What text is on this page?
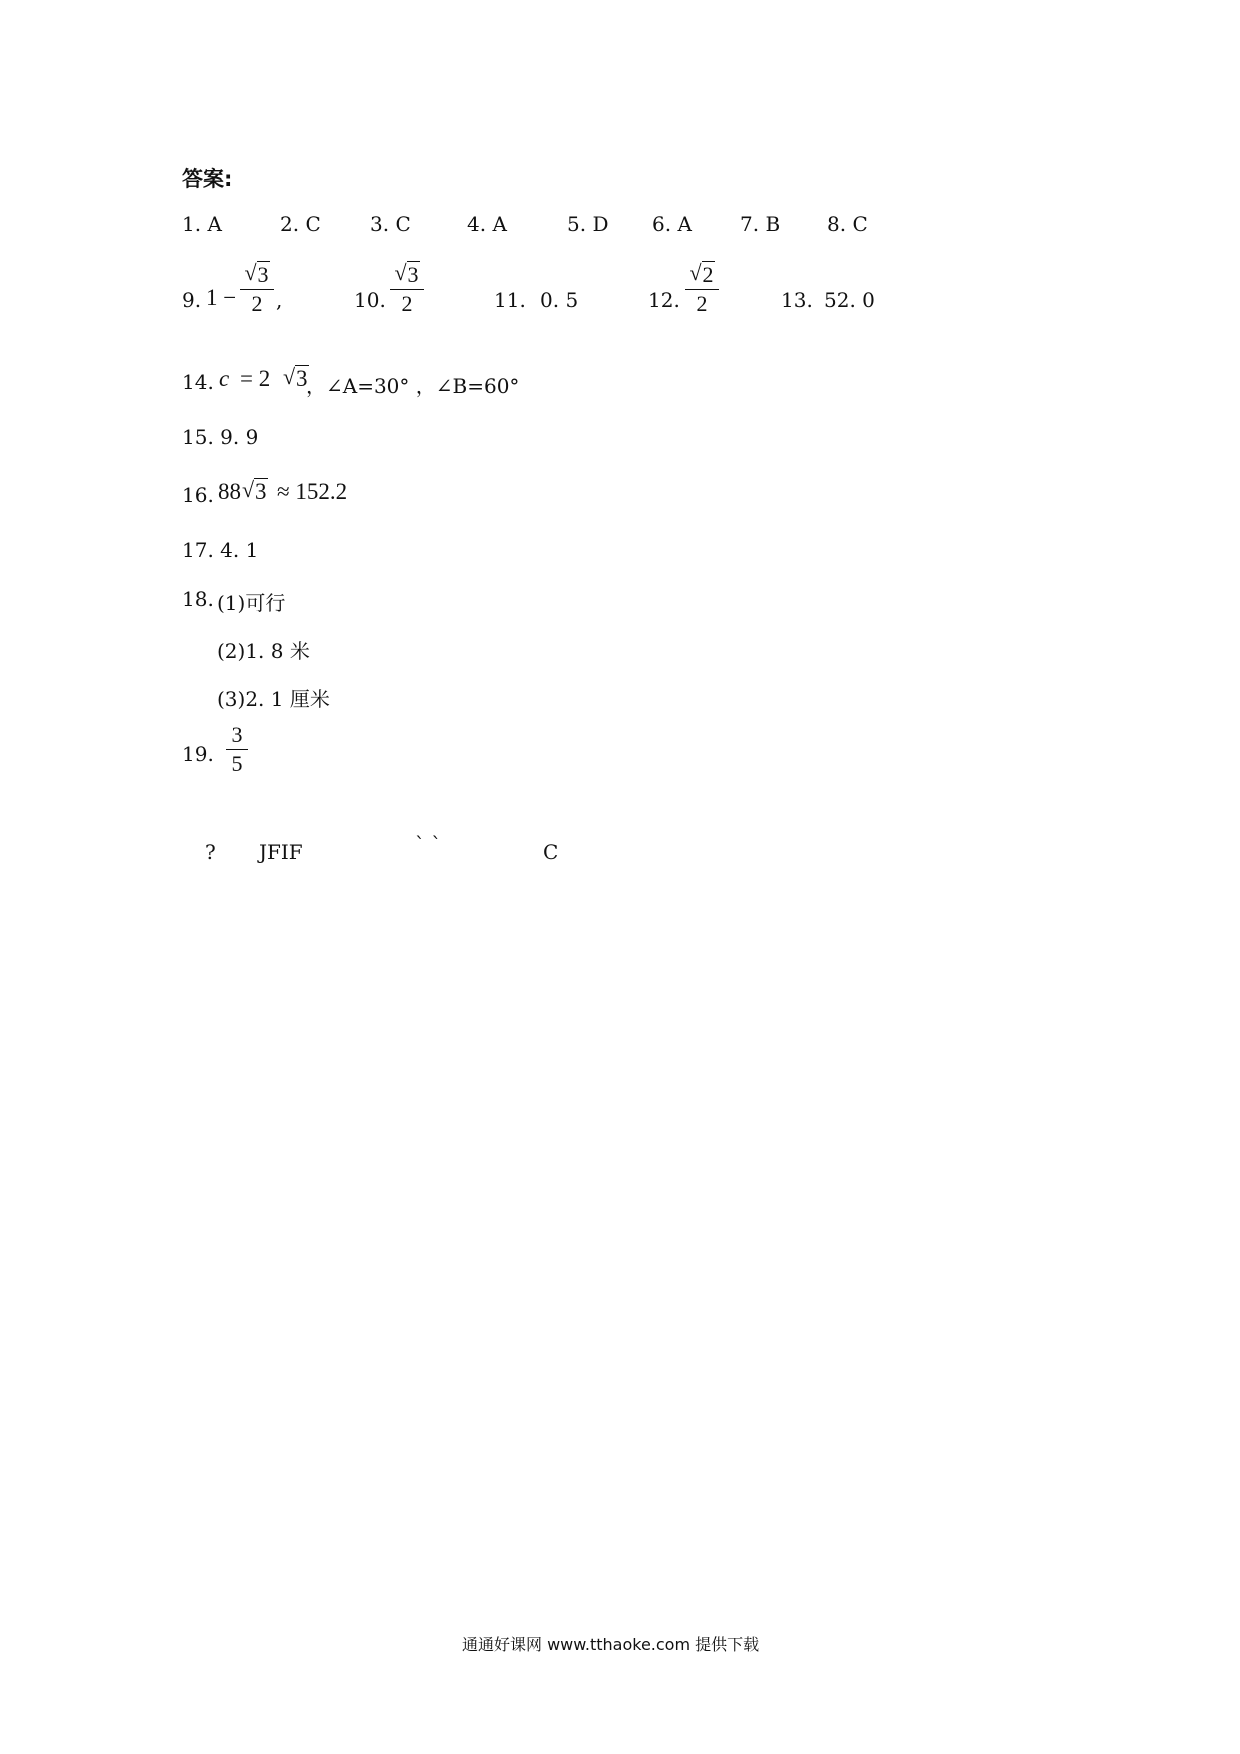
答案:
1. A	2. C 3. C	4. A	5. D 6. A 7. B 8. C
9. 1 −
√ 3
2 ,	10.
√ 3
2	11. 0. 5	12.
√ 2
2	13. 52. 0
14. c = 2 √ 3
，∠A=30° ，∠B=60°
15. 9. 9
16. 88 √ 3 ≈ 152.2
17. 4. 1
18. (1)可行
(2)1. 8 米
(3)2. 1 厘米
19.
3
5
? JFIF	` `	C
通通好课网 www.tthaoke.com 提供下载
